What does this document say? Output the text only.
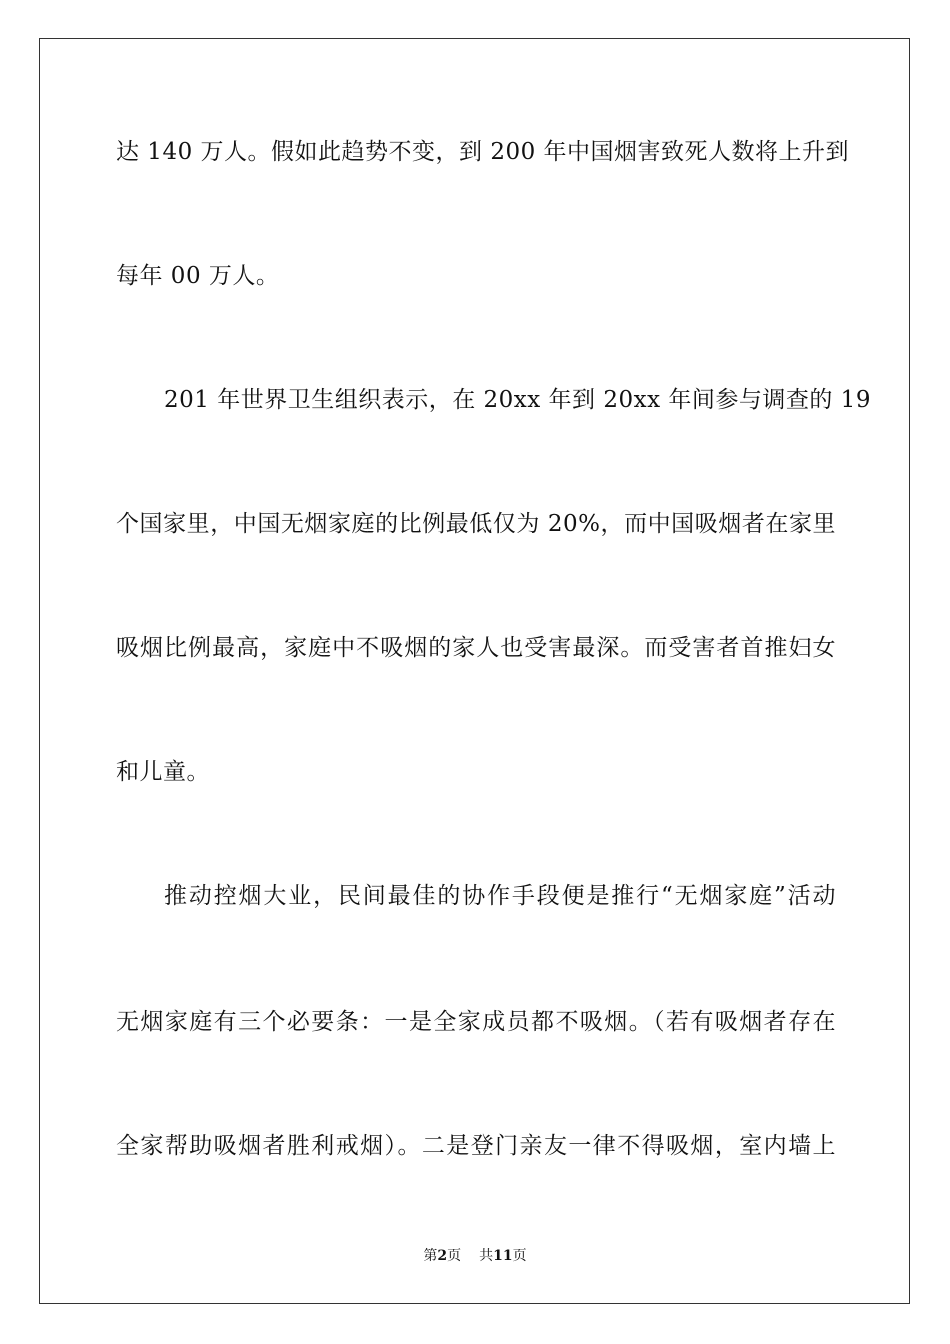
达 140 万人。假如此趋势不变，到 200 年中国烟害致死人数将上升到
每年 00 万人。
201 年世界卫生组织表示，在 20xx 年到 20xx 年间参与调查的 19
个国家里，中国无烟家庭的比例最低仅为 20%，而中国吸烟者在家里
吸烟比例最高，家庭中不吸烟的家人也受害最深。而受害者首推妇女
和儿童。
推动控烟大业，民间最佳的协作手段便是推行“无烟家庭”活动
无烟家庭有三个必要条：一是全家成员都不吸烟。（若有吸烟者存在
全家帮助吸烟者胜利戒烟）。二是登门亲友一律不得吸烟，室内墙上
第2页 共11页
